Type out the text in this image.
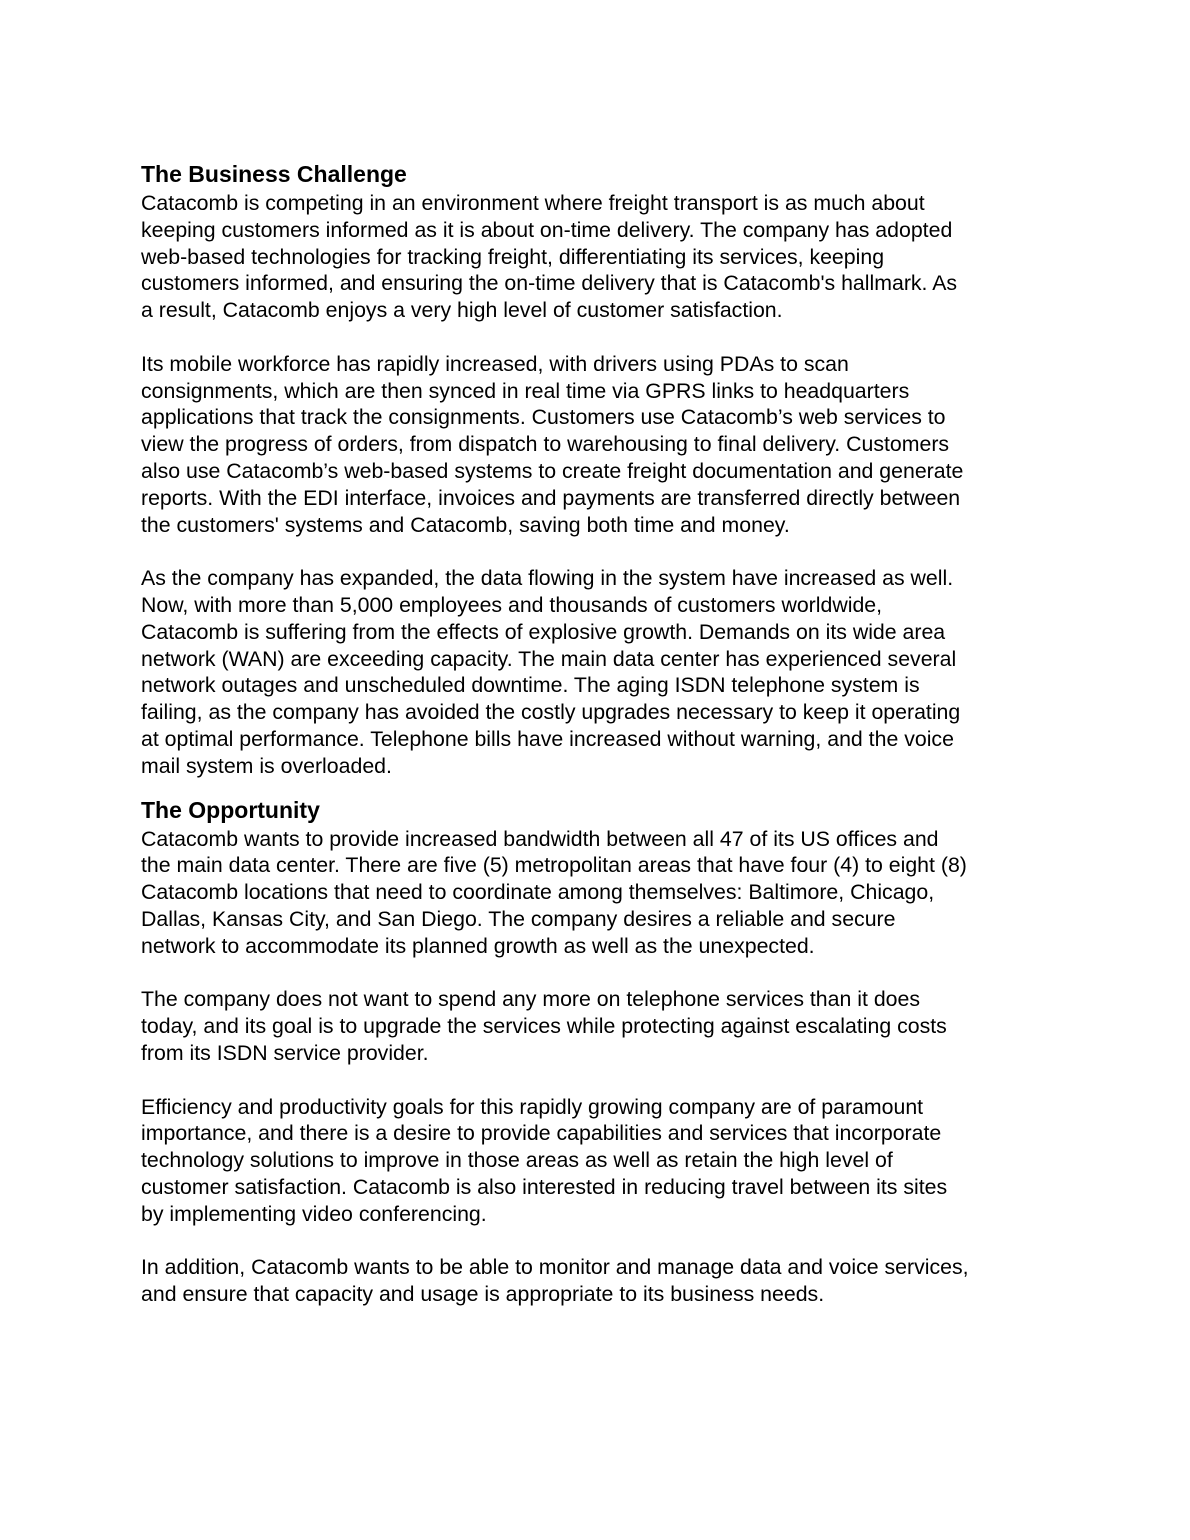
The Business Challenge

Catacomb is competing in an environment where freight transport is as much about
keeping customers informed as it is about on-time delivery. The company has adopted
web-based technologies for tracking freight, differentiating its services, keeping
customers informed, and ensuring the on-time delivery that is Catacomb's hallmark. As
a result, Catacomb enjoys a very high level of customer satisfaction.

Its mobile workforce has rapidly increased, with drivers using PDAs to scan
consignments, which are then synced in real time via GPRS links to headquarters
applications that track the consignments. Customers use Catacomb’s web services to
view the progress of orders, from dispatch to warehousing to final delivery. Customers
also use Catacomb’s web-based systems to create freight documentation and generate
reports. With the EDI interface, invoices and payments are transferred directly between
the customers' systems and Catacomb, saving both time and money.

As the company has expanded, the data flowing in the system have increased as well.
Now, with more than 5,000 employees and thousands of customers worldwide,
Catacomb is suffering from the effects of explosive growth. Demands on its wide area
network (WAN) are exceeding capacity. The main data center has experienced several
network outages and unscheduled downtime. The aging ISDN telephone system is
failing, as the company has avoided the costly upgrades necessary to keep it operating
at optimal performance. Telephone bills have increased without warning, and the voice
mail system is overloaded.

The Opportunity

Catacomb wants to provide increased bandwidth between all 47 of its US offices and
the main data center. There are five (5) metropolitan areas that have four (4) to eight (8)
Catacomb locations that need to coordinate among themselves: Baltimore, Chicago,
Dallas, Kansas City, and San Diego. The company desires a reliable and secure
network to accommodate its planned growth as well as the unexpected.

The company does not want to spend any more on telephone services than it does
today, and its goal is to upgrade the services while protecting against escalating costs
from its ISDN service provider.

Efficiency and productivity goals for this rapidly growing company are of paramount
importance, and there is a desire to provide capabilities and services that incorporate
technology solutions to improve in those areas as well as retain the high level of
customer satisfaction. Catacomb is also interested in reducing travel between its sites
by implementing video conferencing.

In addition, Catacomb wants to be able to monitor and manage data and voice services,
and ensure that capacity and usage is appropriate to its business needs.
